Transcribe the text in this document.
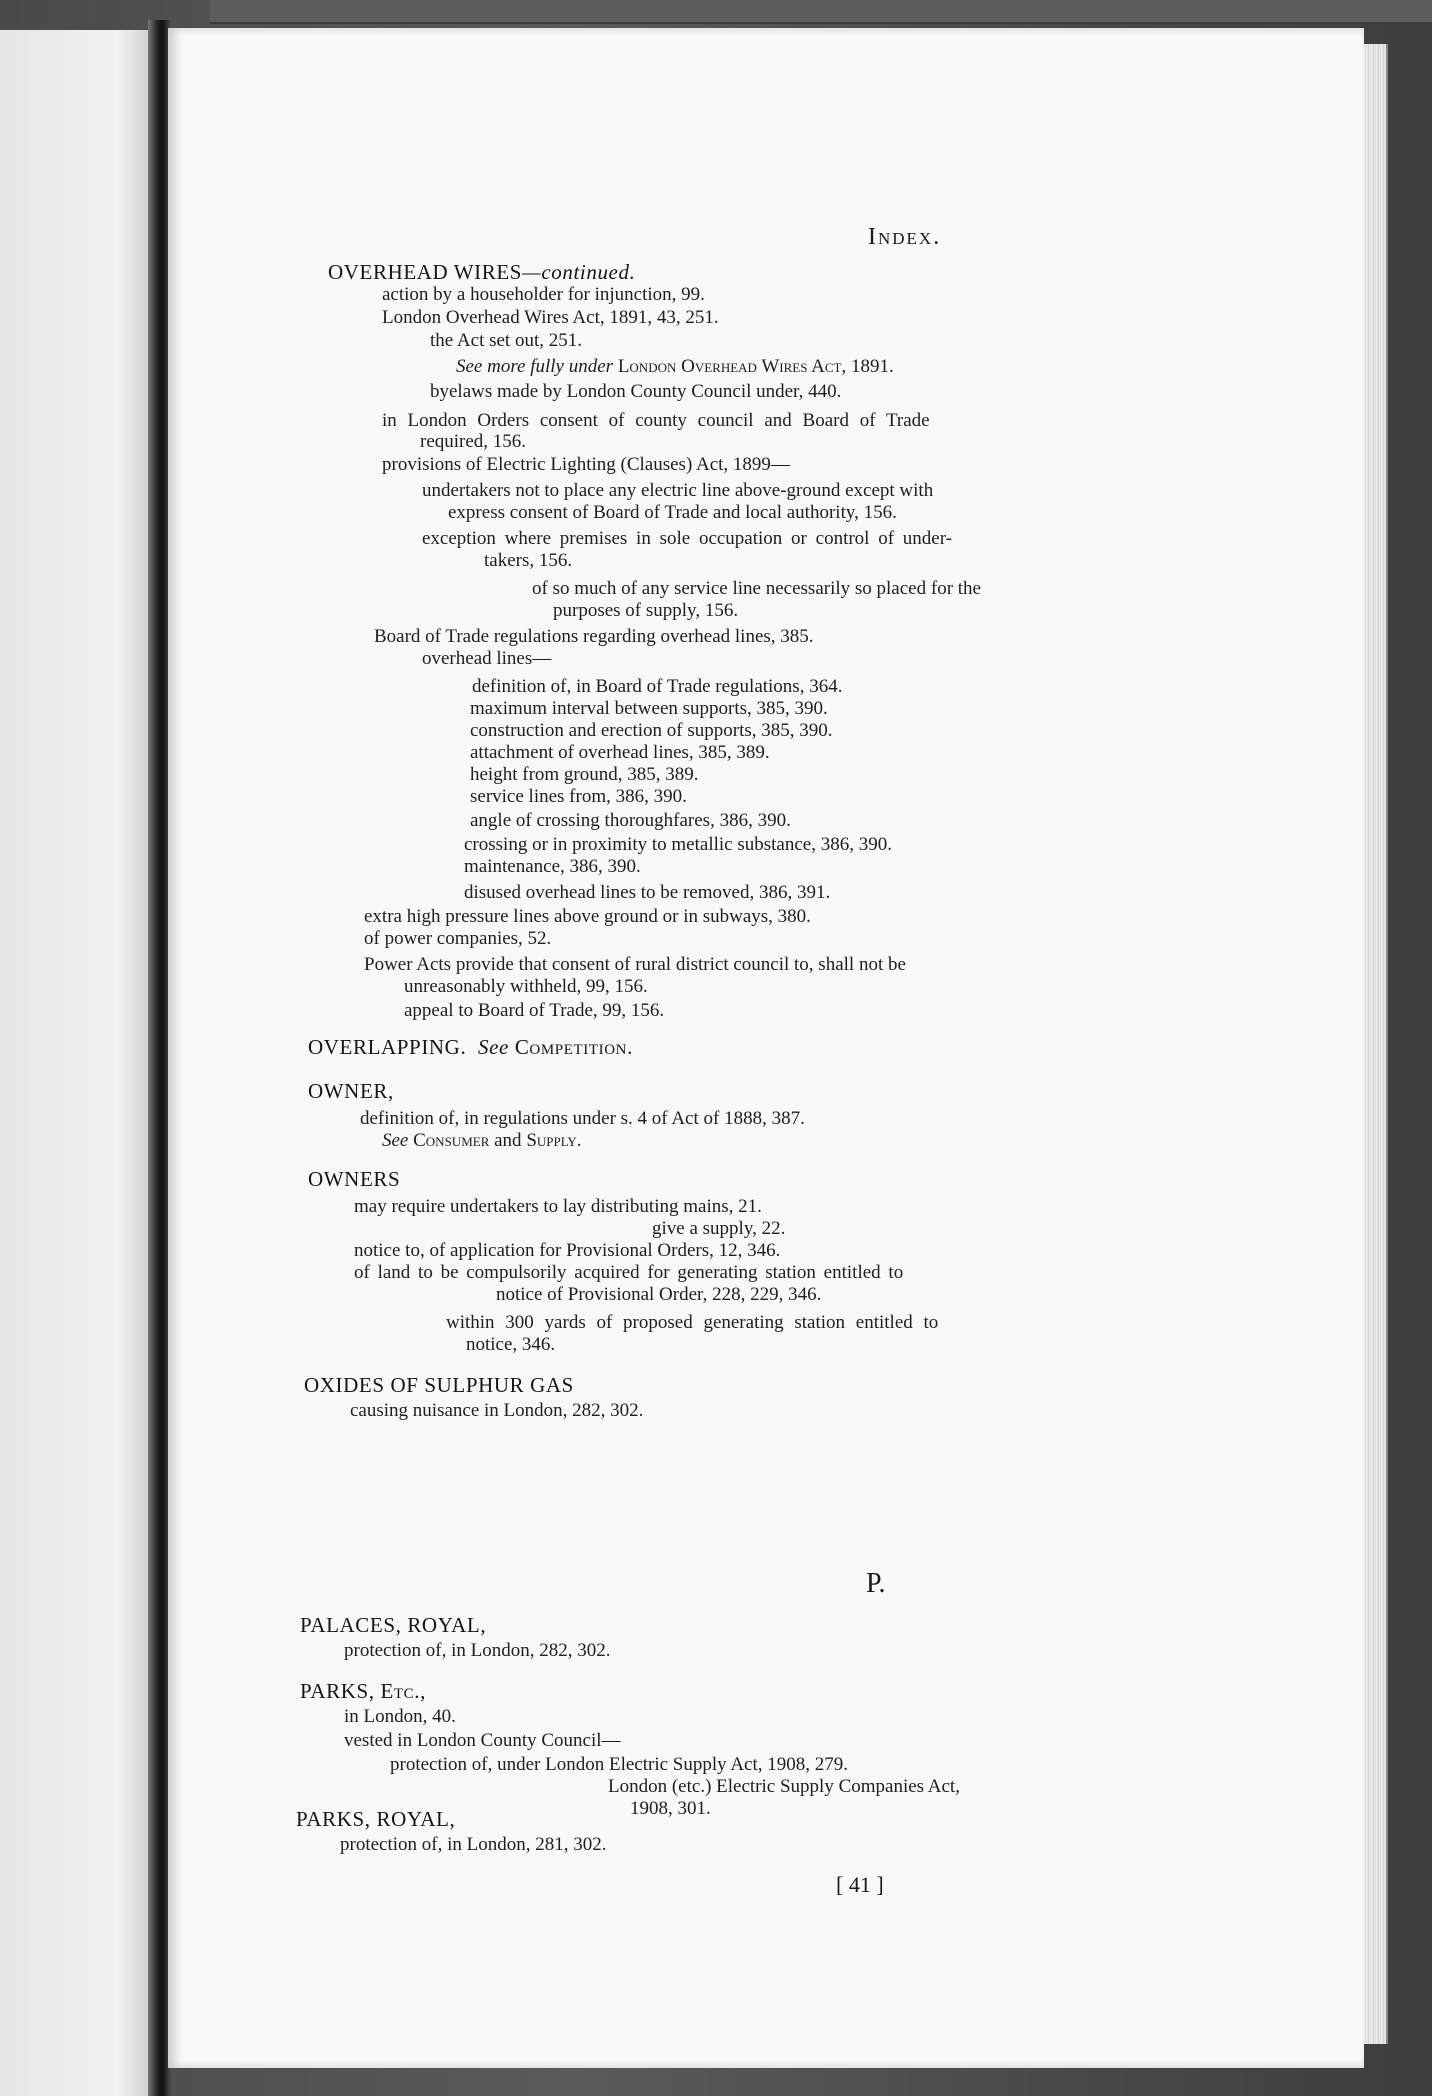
Index.
OVERHEAD WIRES—continued.
action by a householder for injunction, 99.
London Overhead Wires Act, 1891, 43, 251.
the Act set out, 251.
See more fully under London Overhead Wires Act, 1891.
byelaws made by London County Council under, 440.
in London Orders consent of county council and Board of Trade
required, 156.
provisions of Electric Lighting (Clauses) Act, 1899—
undertakers not to place any electric line above-ground except with
express consent of Board of Trade and local authority, 156.
exception where premises in sole occupation or control of under-
takers, 156.
of so much of any service line necessarily so placed for the
purposes of supply, 156.
Board of Trade regulations regarding overhead lines, 385.
overhead lines—
definition of, in Board of Trade regulations, 364.
maximum interval between supports, 385, 390.
construction and erection of supports, 385, 390.
attachment of overhead lines, 385, 389.
height from ground, 385, 389.
service lines from, 386, 390.
angle of crossing thoroughfares, 386, 390.
crossing or in proximity to metallic substance, 386, 390.
maintenance, 386, 390.
disused overhead lines to be removed, 386, 391.
extra high pressure lines above ground or in subways, 380.
of power companies, 52.
Power Acts provide that consent of rural district council to, shall not be
unreasonably withheld, 99, 156.
appeal to Board of Trade, 99, 156.
OVERLAPPING. See Competition.
OWNER,
definition of, in regulations under s. 4 of Act of 1888, 387.
See Consumer and Supply.
OWNERS
may require undertakers to lay distributing mains, 21.
give a supply, 22.
notice to, of application for Provisional Orders, 12, 346.
of land to be compulsorily acquired for generating station entitled to
notice of Provisional Order, 228, 229, 346.
within 300 yards of proposed generating station entitled to
notice, 346.
OXIDES OF SULPHUR GAS
causing nuisance in London, 282, 302.
P.
PALACES, ROYAL,
protection of, in London, 282, 302.
PARKS, Etc.,
in London, 40.
vested in London County Council—
protection of, under London Electric Supply Act, 1908, 279.
London (etc.) Electric Supply Companies Act,
1908, 301.
PARKS, ROYAL,
protection of, in London, 281, 302.
[ 41 ]
